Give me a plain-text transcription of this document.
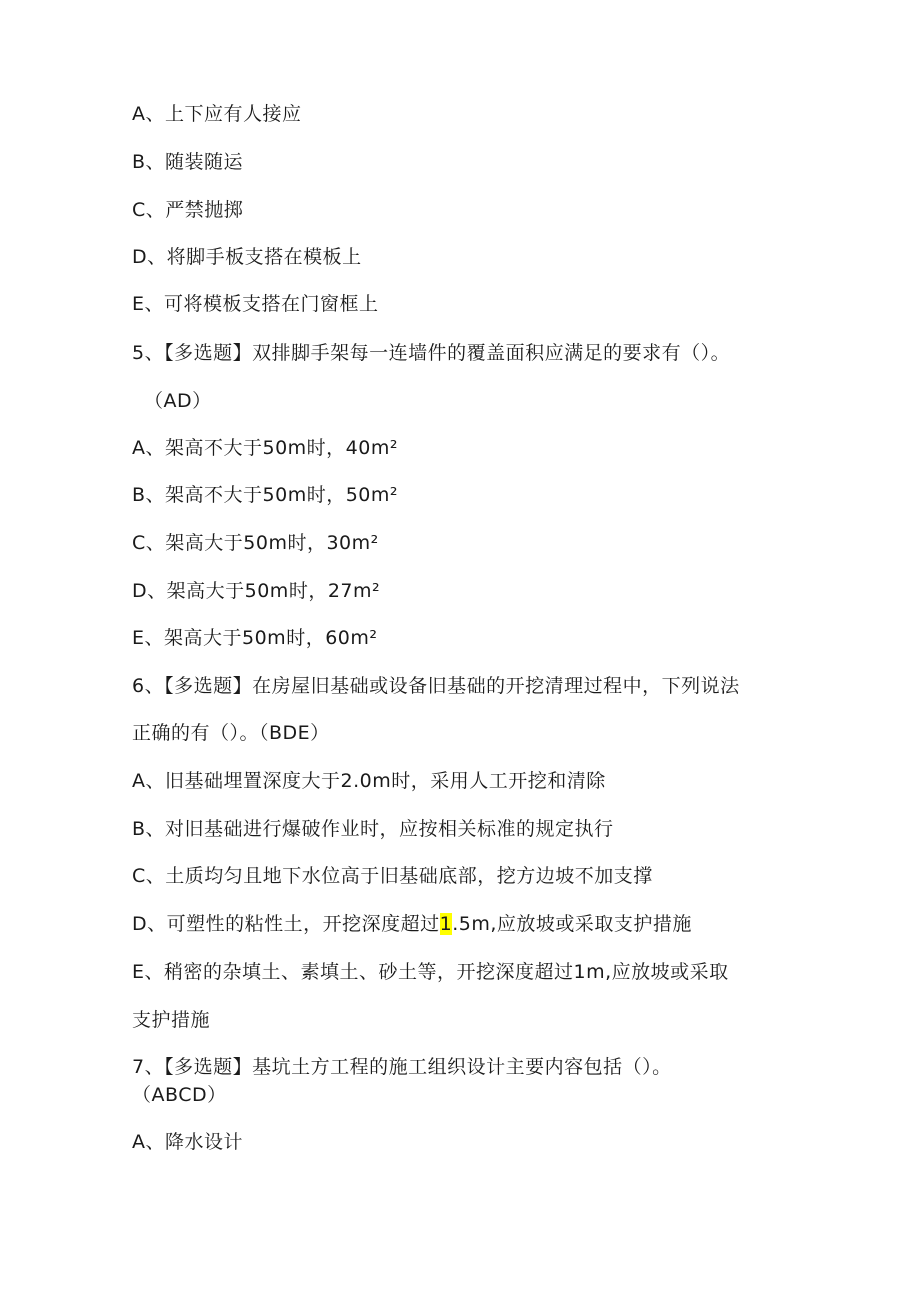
A、上下应有人接应
B、随装随运
C、严禁抛掷
D、将脚手板支搭在模板上
E、可将模板支搭在门窗框上
5、【多选题】双排脚手架每一连墙件的覆盖面积应满足的要求有（）。
（AD）
A、架高不大于50m时，40m²
B、架高不大于50m时，50m²
C、架高大于50m时，30m²
D、架高大于50m时，27m²
E、架高大于50m时，60m²
6、【多选题】在房屋旧基础或设备旧基础的开挖清理过程中，下列说法
正确的有（）。（BDE）
A、旧基础埋置深度大于2.0m时，采用人工开挖和清除
B、对旧基础进行爆破作业时，应按相关标准的规定执行
C、土质均匀且地下水位高于旧基础底部，挖方边坡不加支撑
D、可塑性的粘性土，开挖深度超过1.5m,应放坡或采取支护措施
E、稍密的杂填土、素填土、砂土等，开挖深度超过1m,应放坡或采取
支护措施
7、【多选题】基坑土方工程的施工组织设计主要内容包括（）。
（ABCD）
A、降水设计
